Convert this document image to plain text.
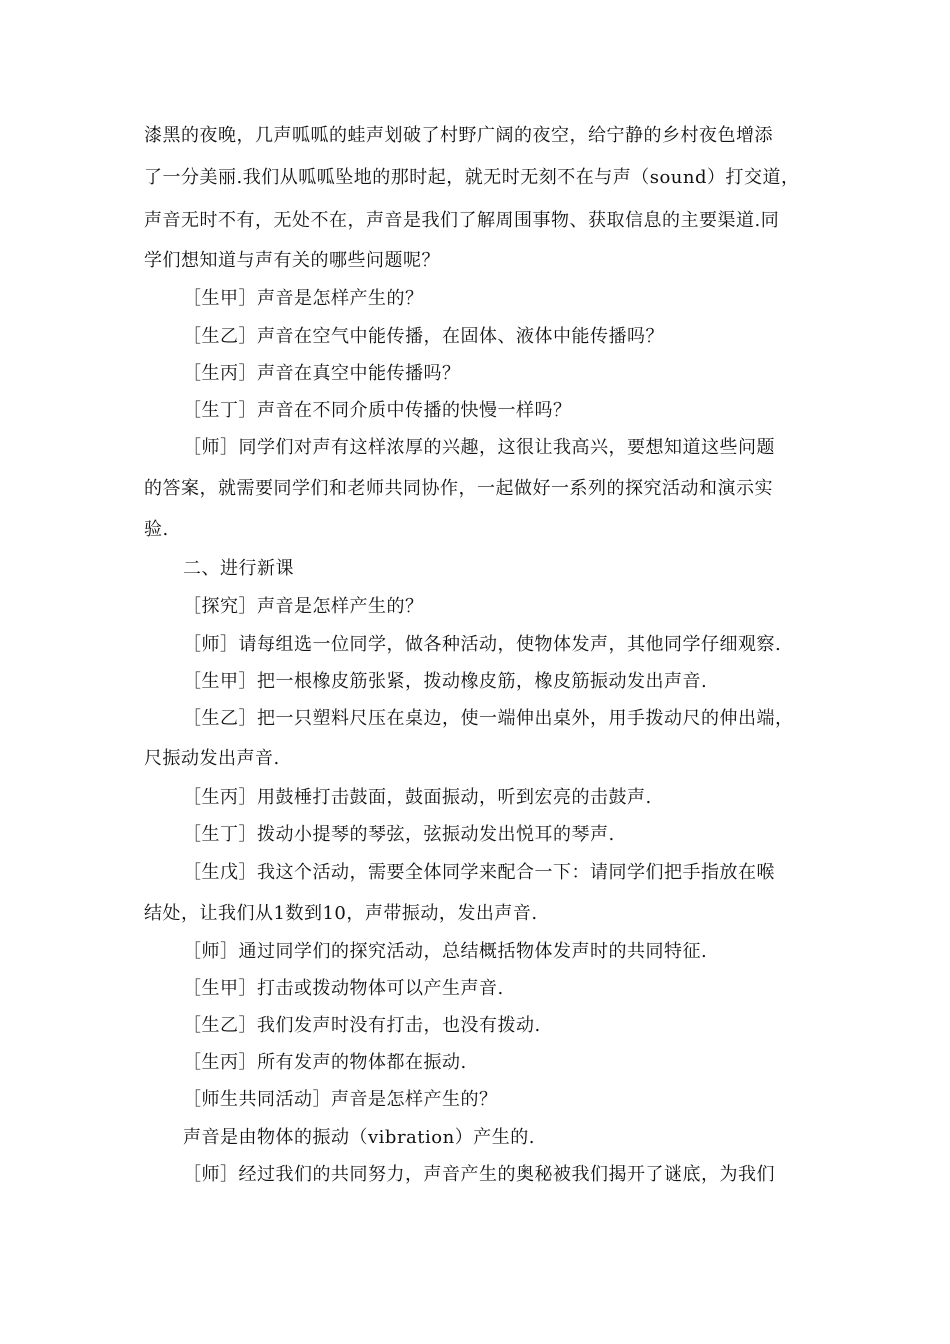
漆黑的夜晚，几声呱呱的蛙声划破了村野广阔的夜空，给宁静的乡村夜色增添
了一分美丽.我们从呱呱坠地的那时起，就无时无刻不在与声（sound）打交道，
声音无时不有，无处不在，声音是我们了解周围事物、获取信息的主要渠道.同
学们想知道与声有关的哪些问题呢？
［生甲］声音是怎样产生的？
［生乙］声音在空气中能传播，在固体、液体中能传播吗？
［生丙］声音在真空中能传播吗？
［生丁］声音在不同介质中传播的快慢一样吗？
［师］同学们对声有这样浓厚的兴趣，这很让我高兴，要想知道这些问题
的答案，就需要同学们和老师共同协作，一起做好一系列的探究活动和演示实
验.
二、进行新课
［探究］声音是怎样产生的？
［师］请每组选一位同学，做各种活动，使物体发声，其他同学仔细观察.
［生甲］把一根橡皮筋张紧，拨动橡皮筋，橡皮筋振动发出声音.
［生乙］把一只塑料尺压在桌边，使一端伸出桌外，用手拨动尺的伸出端，
尺振动发出声音.
［生丙］用鼓棰打击鼓面，鼓面振动，听到宏亮的击鼓声.
［生丁］拨动小提琴的琴弦，弦振动发出悦耳的琴声.
［生戊］我这个活动，需要全体同学来配合一下：请同学们把手指放在喉
结处，让我们从1数到10，声带振动，发出声音.
［师］通过同学们的探究活动，总结概括物体发声时的共同特征.
［生甲］打击或拨动物体可以产生声音.
［生乙］我们发声时没有打击，也没有拨动.
［生丙］所有发声的物体都在振动.
［师生共同活动］声音是怎样产生的？
声音是由物体的振动（vibration）产生的.
［师］经过我们的共同努力，声音产生的奥秘被我们揭开了谜底，为我们
